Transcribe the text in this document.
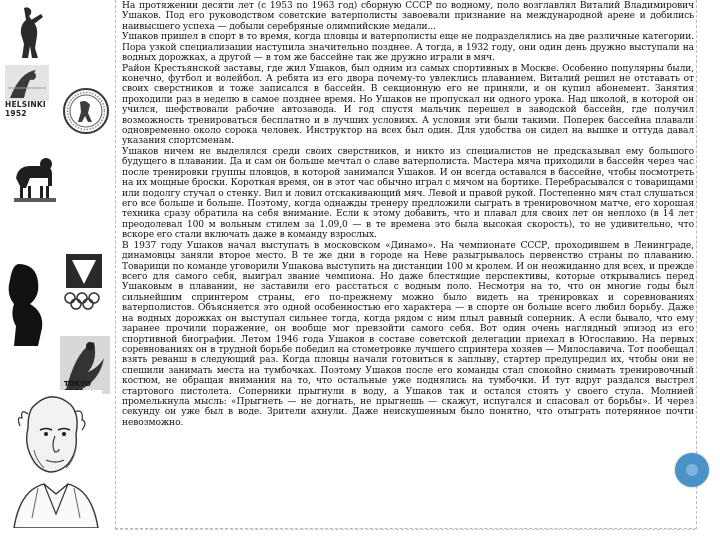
HELSINKI 1952
TOKYO

На протяжении десяти лет (с 1953 по 1963 год) сборную СССР по водному, поло возглавлял Виталий Владимирович Ушаков. Под его руководством советские ватерполисты завоевали признание на международной арене и добились наивысшего успеха — добыли серебряные олимпийские медали...

Ушаков пришел в спорт в то время, когда пловцы и ватерполисты еще не подразделялись на две различные категории. Пора узкой специализации наступила значительно позднее. А тогда, в 1932 году, они один день дружно выступали на водных дорожках, а другой — в том же бассейне так же дружно играли в мяч.

Район Крестьянской заставы, где жил Ушаков, был одним из самых спортивных в Москве. Особенно популярны были, конечно, футбол и волейбол. А ребята из его двора почему-то увлеклись плаванием. Виталий решил не отставать от своих сверстников и тоже записался в бассейн. В секционную его не приняли, и он купил абонемент. Занятия проходили раз в неделю в самое позднее время. Но Ушаков не пропускал ни одного урока. Над школой, в которой он учился, шефствовали рабочие автозавода. И год спустя мальчик перешел в заводской бассейн, где получил возможность тренироваться бесплатно и в лучших условиях. А условия эти были такими. Поперек бассейна плавали одновременно около сорока человек. Инструктор на всех был один. Для удобства он сидел на вышке и оттуда давал указания спортсменам.

Ушаков ничем не выделялся среди своих сверстников, и никто из специалистов не предсказывал ему большого будущего в плавании. Да и сам он больше мечтал о славе ватерполиста. Мастера мяча приходили в бассейн через час после тренировки группы пловцов, в которой занимался Ушаков. И он всегда оставался в бассейне, чтобы посмотреть на их мощные броски. Короткая время, он в этот час обычно играл с мячом на бортике. Перебрасывался с товарищами или подолгу стучал о стенку. Вил и ловил отскакивающий мяч. Левой и правой рукой. Постепенно мяч стал слушаться его все больше и больше. Поэтому, когда однажды тренеру предложили сыграть в тренировочном матче, его хорошая техника сразу обратила на себя внимание. Если к этому добавить, что и плавал для своих лет он неплохо (в 14 лет преодолевал 100 м вольным стилем за 1.09,0 — в те времена это была высокая скорость), то не удивительно, что вскоре его стали включать даже в команду взрослых.

В 1937 году Ушаков начал выступать в московском «Динамо». На чемпионате СССР, проходившем в Ленинграде, динамовцы заняли второе место. В те же дни в городе на Неве разыгрывалось первенство страны по плаванию. Товарищи по команде уговорили Ушакова выступить на дистанции 100 м кролем. И он неожиданно для всех, и прежде всего для самого себя, выиграл звание чемпиона. Но даже блестящие перспективы, которые открывались перед Ушаковым в плавании, не заставили его расстаться с водным поло. Несмотря на то, что он многие годы был сильнейшим спринтером страны, его по-прежнему можно было видеть на тренировках и соревнованиях ватерполистов. Объясняется это одной особенностью его характера — в спорте он больше всего любил борьбу. Даже на водных дорожках он выступал сильнее тогда, когда рядом с ним плыл равный соперник. А если бывало, что ему заранее прочили поражение, он вообще мог превзойти самого себя. Вот один очень наглядный эпизод из его спортивной биографии. Летом 1946 года Ушаков в составе советской делегации приехал в Югославию. На первых соревнованиях он в трудной борьбе победил на стометровке лучшего спринтера хозяев — Милославича. Тот пообещал взять реванш в следующий раз. Когда пловцы начали готовиться к заплыву, стартер предупредил их, чтобы они не спешили занимать места на тумбочках. Поэтому Ушаков после его команды стал спокойно снимать тренировочный костюм, не обращая внимания на то, что остальные уже поднялись на тумбочки. И тут вдруг раздался выстрел стартового пистолета. Соперники прыгнули в воду, а Ушаков так и остался стоять у своего стула. Молнией промелькнула мысль: «Прыгнеть — не догнать, не прыгнешь — скажут, испугался и спасовал от борьбы». И через секунду он уже был в воде. Зрители ахнули. Даже неискушенным было понятно, что отыграть потерянное почти невозможно.
